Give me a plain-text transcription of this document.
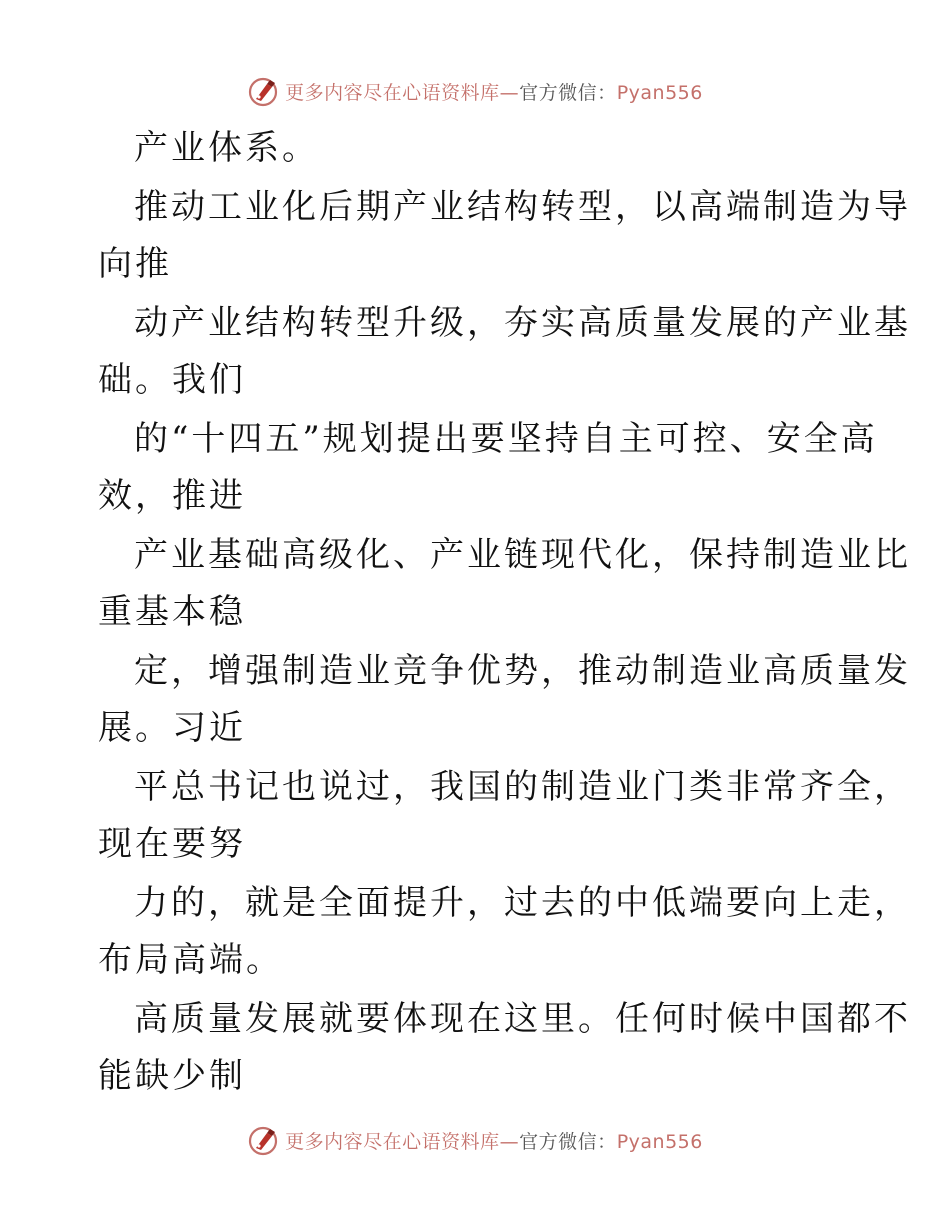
更多内容尽在心语资料库—官方微信：Pyan556
产业体系。
推动工业化后期产业结构转型，以高端制造为导
向推
动产业结构转型升级，夯实高质量发展的产业基
础。我们
的“十四五”规划提出要坚持自主可控、安全高
效，推进
产业基础高级化、产业链现代化，保持制造业比
重基本稳
定，增强制造业竞争优势，推动制造业高质量发
展。习近
平总书记也说过，我国的制造业门类非常齐全，
现在要努
力的，就是全面提升，过去的中低端要向上走，
布局高端。
高质量发展就要体现在这里。任何时候中国都不
能缺少制
更多内容尽在心语资料库—官方微信：Pyan556
